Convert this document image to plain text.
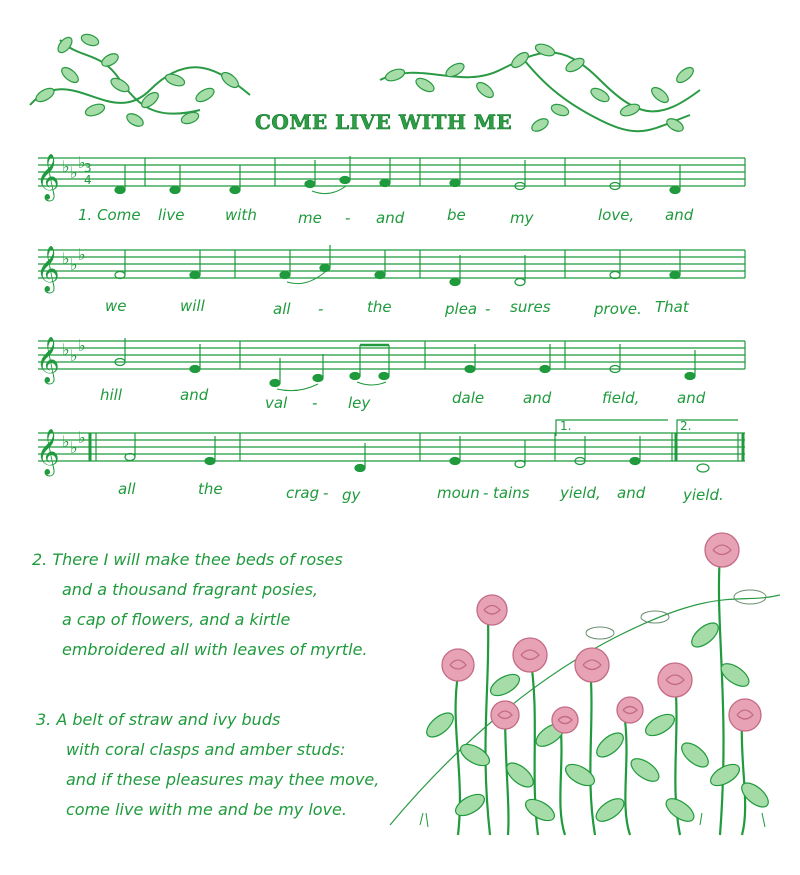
COME LIVE WITH ME
𝄞
𝄞
𝄞
𝄞
♭ ♭
♭
♭ ♭
♭
♭ ♭
♭
♭ ♭
♭
3
4
1.	2.
1. Come live	with	me - and	be	my	love, and
we	will	all -	the	plea - sures	prove. That
hill	and	val - ley	dale	and	field,	and
all	the	crag - gy	moun - tains yield, and	yield.
2. There I will make thee beds of roses
and a thousand fragrant posies,
a cap of flowers, and a kirtle
embroidered all with leaves of myrtle.
3. A belt of straw and ivy buds
with coral clasps and amber studs:
and if these pleasures may thee move,
come live with me and be my love.
